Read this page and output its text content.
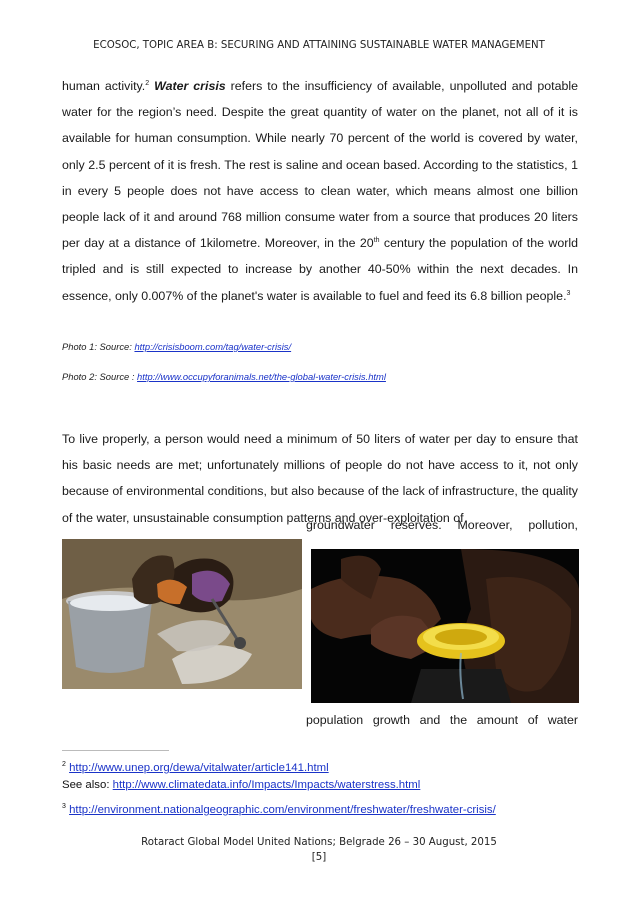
ECOSOC, TOPIC AREA B: SECURING AND ATTAINING SUSTAINABLE WATER MANAGEMENT
human activity.$^2$ Water crisis refers to the insufficiency of available, unpolluted and potable water for the region’s need. Despite the great quantity of water on the planet, not all of it is available for human consumption. While nearly 70 percent of the world is covered by water, only 2.5 percent of it is fresh. The rest is saline and ocean based. According to the statistics, 1 in every 5 people does not have access to clean water, which means almost one billion people lack of it and around 768 million consume water from a source that produces 20 liters per day at a distance of 1kilometre. Moreover, in the 20th century the population of the world tripled and is still expected to increase by another 40-50% within the next decades. In essence, only 0.007% of the planet's water is available to fuel and feed its 6.8 billion people.$^3$
Photo 1: Source: http://crisisboom.com/tag/water-crisis/
Photo 2: Source : http://www.occupyforanimals.net/the-global-water-crisis.html
To live properly, a person would need a minimum of 50 liters of water per day to ensure that his basic needs are met; unfortunately millions of people do not have access to it, not only because of environmental conditions, but also because of the lack of infrastructure, the quality of the water, unsustainable consumption patterns and over-exploitation of
groundwater reserves. Moreover, pollution,
population growth and the amount of water
$^2$ http://www.unep.org/dewa/vitalwater/article141.html
See also: http://www.climatedata.info/Impacts/Impacts/waterstress.html
$^3$ http://environment.nationalgeographic.com/environment/freshwater/freshwater-crisis/
Rotaract Global Model United Nations; Belgrade 26 – 30 August, 2015
[5]
